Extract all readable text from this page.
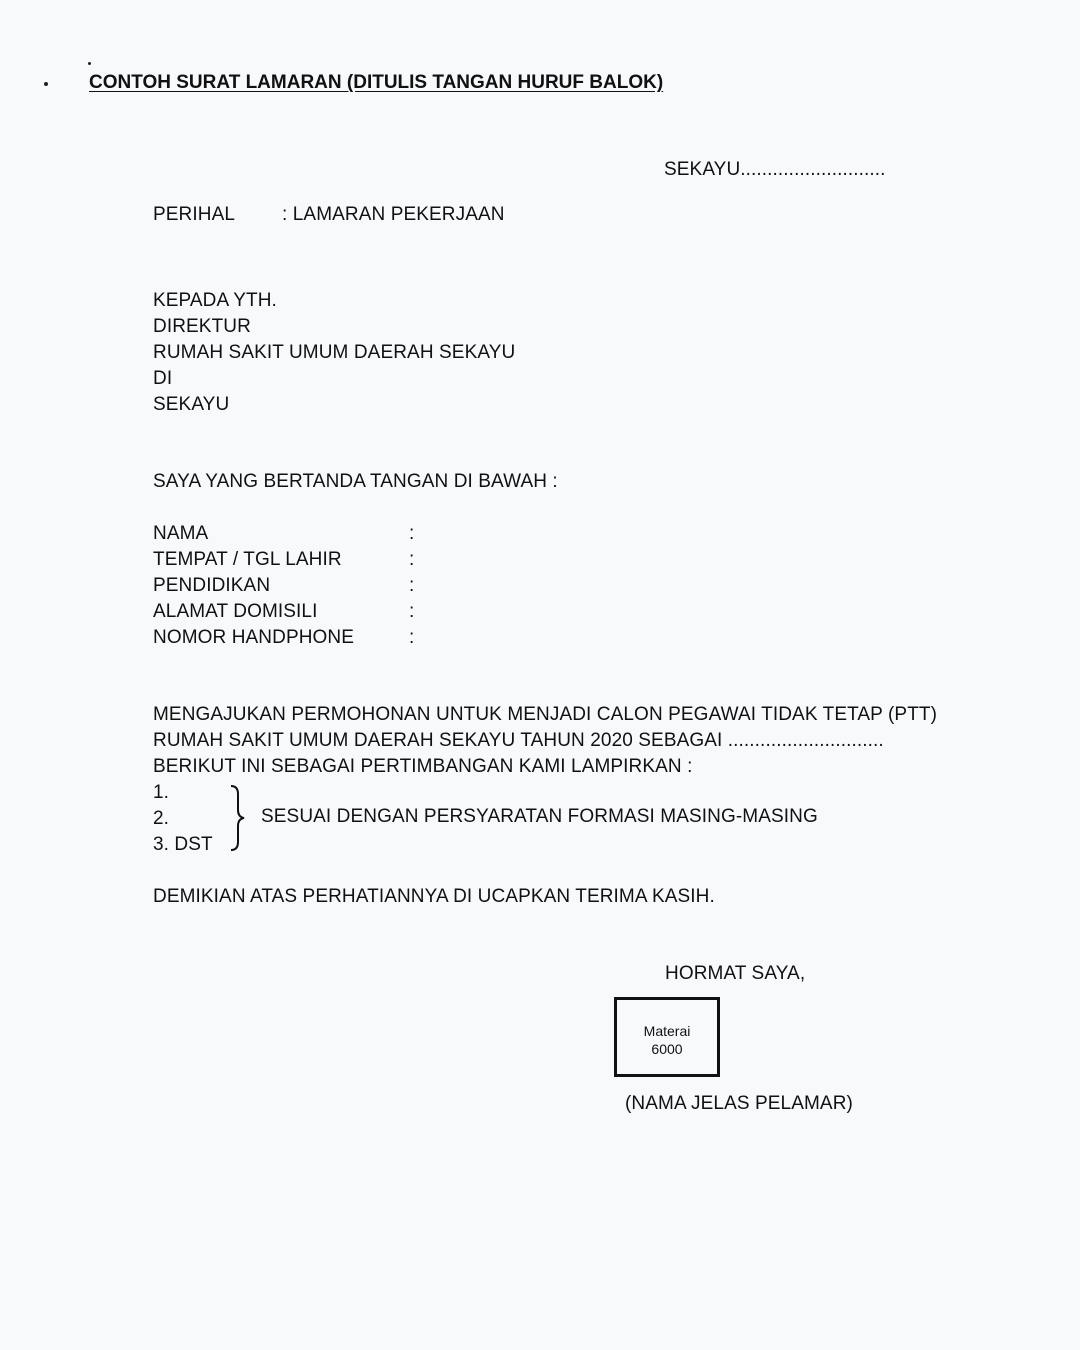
CONTOH SURAT LAMARAN (DITULIS TANGAN HURUF BALOK)
SEKAYU...........................
PERIHAL : LAMARAN PEKERJAAN
KEPADA YTH.
DIREKTUR
RUMAH SAKIT UMUM DAERAH SEKAYU
DI
SEKAYU
SAYA YANG BERTANDA TANGAN DI BAWAH :
NAMA	:
TEMPAT / TGL LAHIR	:
PENDIDIKAN	:
ALAMAT DOMISILI	:
NOMOR HANDPHONE	:
MENGAJUKAN PERMOHONAN UNTUK MENJADI CALON PEGAWAI TIDAK TETAP (PTT)
RUMAH SAKIT UMUM DAERAH SEKAYU TAHUN 2020 SEBAGAI .............................
BERIKUT INI SEBAGAI PERTIMBANGAN KAMI LAMPIRKAN :
1.
2.
3. DST
SESUAI DENGAN PERSYARATAN FORMASI MASING-MASING
DEMIKIAN ATAS PERHATIANNYA DI UCAPKAN TERIMA KASIH.
HORMAT SAYA,
Materai
6000
(NAMA JELAS PELAMAR)
